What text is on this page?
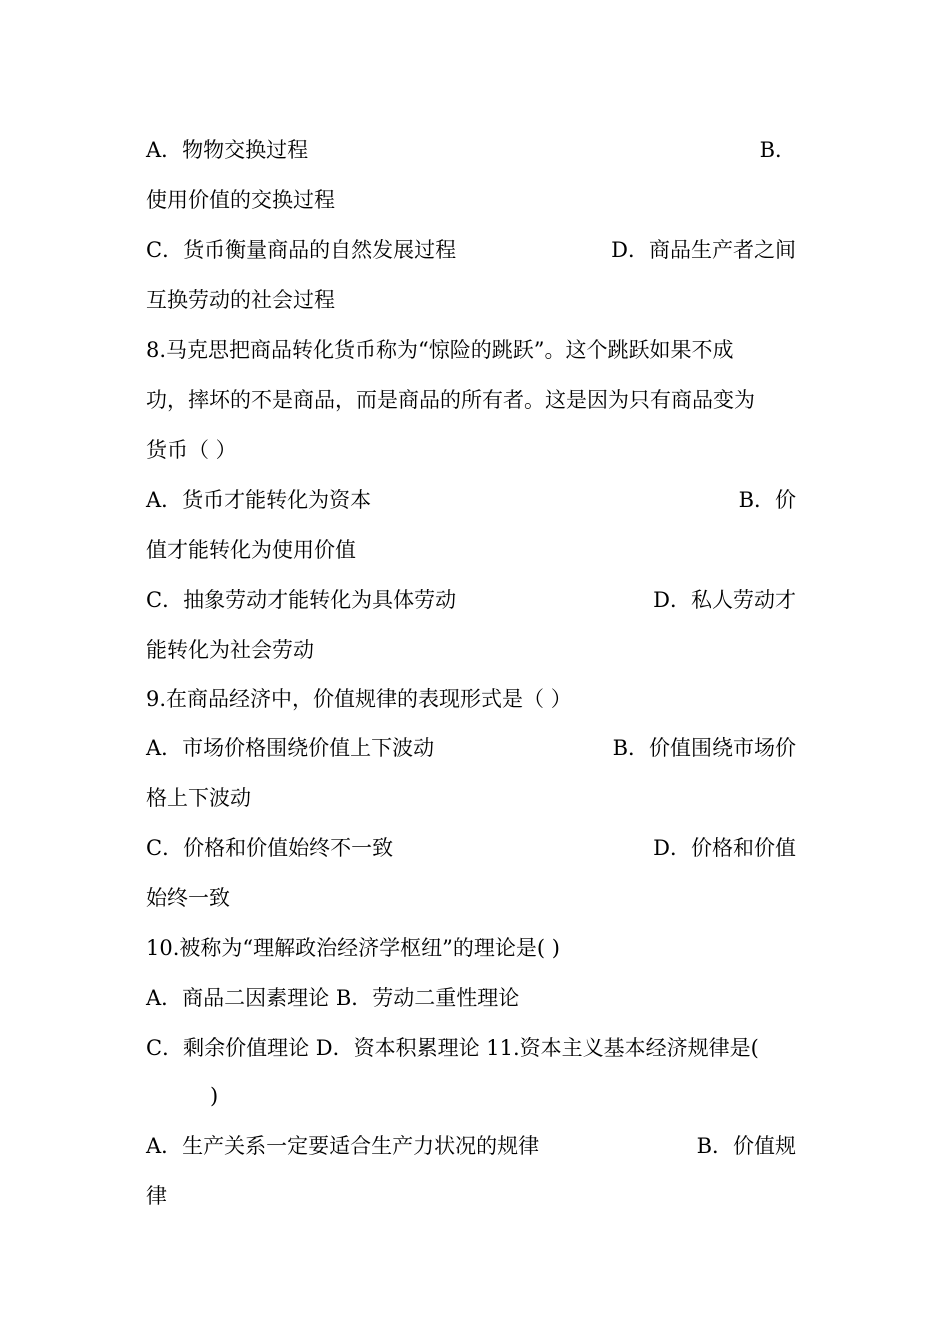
A．物物交换过程	B．
使用价值的交换过程
C．货币衡量商品的自然发展过程	D．商品生产者之间
互换劳动的社会过程
8.马克思把商品转化货币称为“惊险的跳跃”。这个跳跃如果不成
功，摔坏的不是商品，而是商品的所有者。这是因为只有商品变为
货币（ ）
A．货币才能转化为资本	B．价
值才能转化为使用价值
C．抽象劳动才能转化为具体劳动	D．私人劳动才
能转化为社会劳动
9.在商品经济中，价值规律的表现形式是（ ）
A．市场价格围绕价值上下波动	B．价值围绕市场价
格上下波动
C．价格和价值始终不一致	D．价格和价值
始终一致
10.被称为“理解政治经济学枢纽”的理论是( )
A．商品二因素理论 B．劳动二重性理论
C．剩余价值理论 D．资本积累理论 11.资本主义基本经济规律是(
)
A．生产关系一定要适合生产力状况的规律	B．价值规
律
